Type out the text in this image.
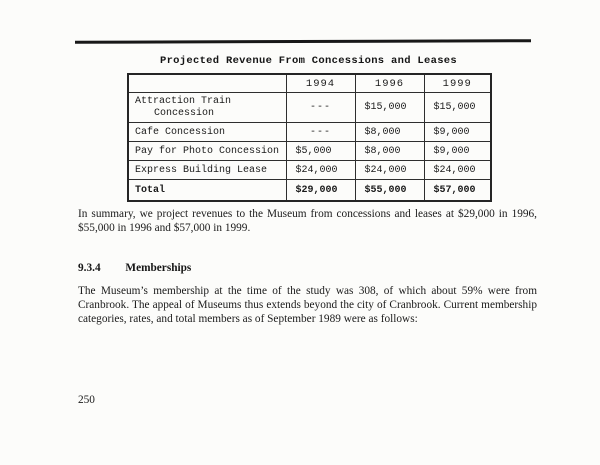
Projected Revenue From Concessions and Leases
	1994	1996	1999

Attraction Train
Concession	---	$15,000	$15,000
Cafe Concession	---	$8,000	$9,000
Pay for Photo Concession	$5,000	$8,000	$9,000
Express Building Lease	$24,000	$24,000	$24,000
Total	$29,000	$55,000	$57,000

In summary, we project revenues to the Museum from concessions and leases at $29,000 in 1996, $55,000 in 1996 and $57,000 in 1999.

9.3.4 Memberships

The Museum’s membership at the time of the study was 308, of which about 59% were from Cranbrook. The appeal of Museums thus extends beyond the city of Cranbrook. Current membership categories, rates, and total members as of September 1989 were as follows:

250
